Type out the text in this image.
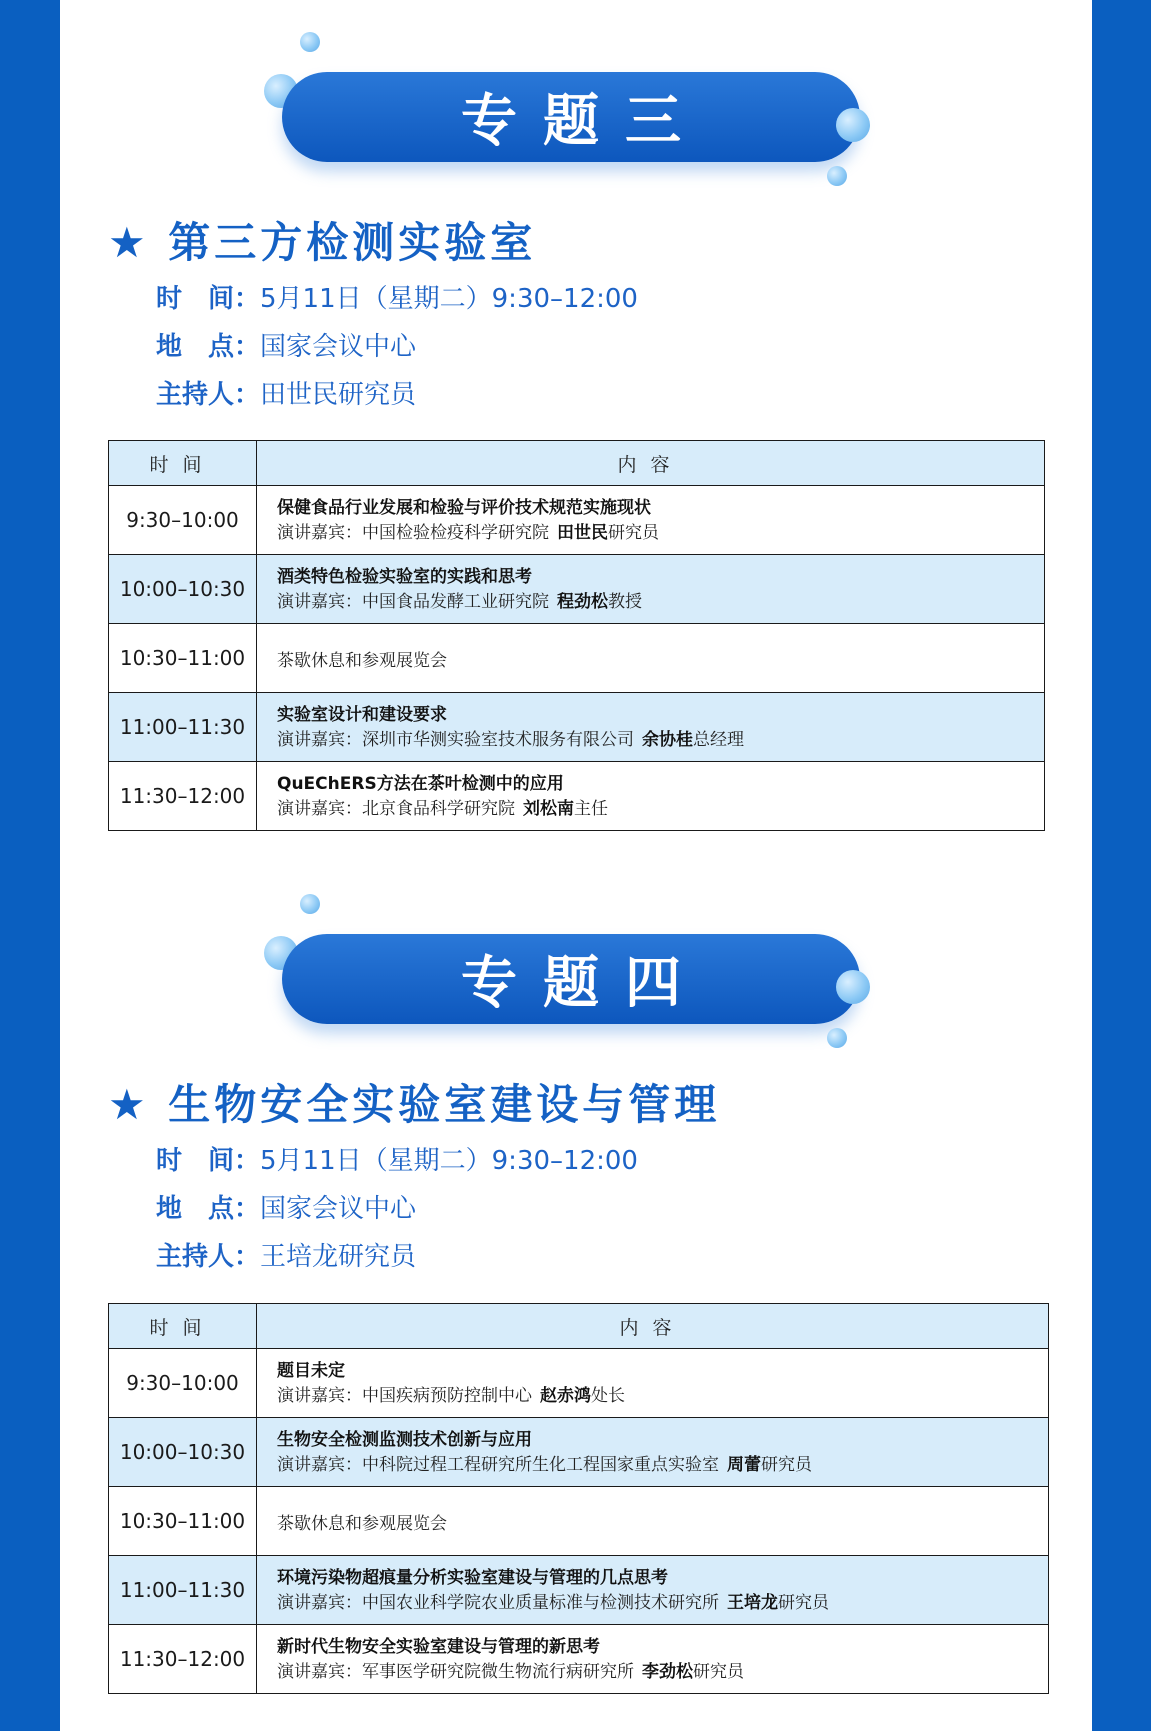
专题三
★ 第三方检测实验室
时　间：5月11日（星期二）9:30–12:00
地　点：国家会议中心
主持人：田世民研究员
时间	内容
9:30–10:00	保健食品行业发展和检验与评价技术规范实施现状
演讲嘉宾：中国检验检疫科学研究院 田世民研究员

10:00–10:30	酒类特色检验实验室的实践和思考
演讲嘉宾：中国食品发酵工业研究院 程劲松教授

10:30–11:00	茶歇休息和参观展览会

11:00–11:30	实验室设计和建设要求
演讲嘉宾：深圳市华测实验室技术服务有限公司 余协桂总经理

11:30–12:00	QuEChERS方法在茶叶检测中的应用
演讲嘉宾：北京食品科学研究院 刘松南主任
专题四
★ 生物安全实验室建设与管理
时　间：5月11日（星期二）9:30–12:00
地　点：国家会议中心
主持人：王培龙研究员
时间	内容
9:30–10:00	题目未定
演讲嘉宾：中国疾病预防控制中心 赵赤鸿处长

10:00–10:30	生物安全检测监测技术创新与应用
演讲嘉宾：中科院过程工程研究所生化工程国家重点实验室 周蕾研究员

10:30–11:00	茶歇休息和参观展览会

11:00–11:30	环境污染物超痕量分析实验室建设与管理的几点思考
演讲嘉宾：中国农业科学院农业质量标准与检测技术研究所 王培龙研究员

11:30–12:00	新时代生物安全实验室建设与管理的新思考
演讲嘉宾：军事医学研究院微生物流行病研究所 李劲松研究员
